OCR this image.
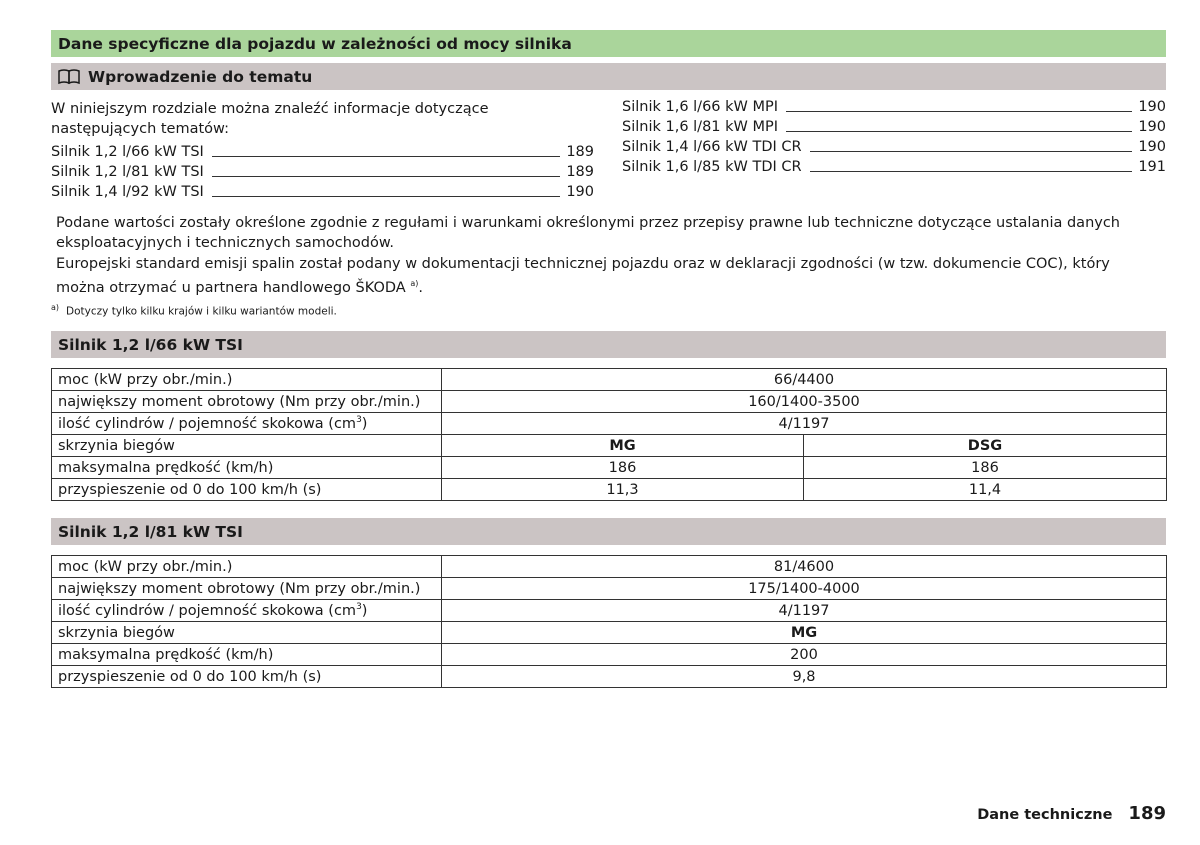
Dane specyficzne dla pojazdu w zależności od mocy silnika
Wprowadzenie do tematu
W niniejszym rozdziale można znaleźć informacje dotyczące następujących tematów:
Silnik 1,2 l/66 kW TSI	189
Silnik 1,2 l/81 kW TSI	189
Silnik 1,4 l/92 kW TSI	190
Silnik 1,6 l/66 kW MPI	190
Silnik 1,6 l/81 kW MPI	190
Silnik 1,4 l/66 kW TDI CR	190
Silnik 1,6 l/85 kW TDI CR	191
Podane wartości zostały określone zgodnie z regułami i warunkami określonymi przez przepisy prawne lub techniczne dotyczące ustalania danych eksploatacyjnych i technicznych samochodów.
Europejski standard emisji spalin został podany w dokumentacji technicznej pojazdu oraz w deklaracji zgodności (w tzw. dokumencie COC), który można otrzymać u partnera handlowego ŠKODA $^{a)}$.
$^{a)}$ Dotyczy tylko kilku krajów i kilku wariantów modeli.
Silnik 1,2 l/66 kW TSI
moc (kW przy obr./min.)	66/4400	
największy moment obrotowy (Nm przy obr./min.)	160/1400-3500	
ilość cylindrów / pojemność skokowa $(cm^3)$	4/1197	
skrzynia biegów	MG	DSG
maksymalna prędkość (km/h)	186	186
przyspieszenie od 0 do 100 km/h (s)	11,3	11,4
Silnik 1,2 l/81 kW TSI
moc (kW przy obr./min.)	81/4600
największy moment obrotowy (Nm przy obr./min.)	175/1400-4000
ilość cylindrów / pojemność skokowa $(cm^3)$	4/1197
skrzynia biegów	MG
maksymalna prędkość (km/h)	200
przyspieszenie od 0 do 100 km/h (s)	9,8
Dane techniczne 189
